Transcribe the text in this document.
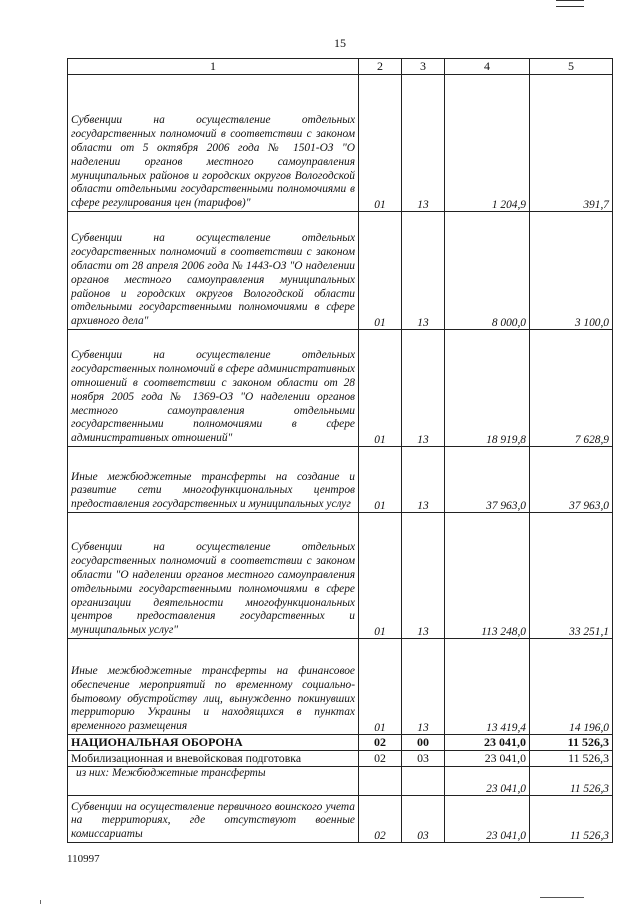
15
1	2	3	4	5
Субвенции на осуществление отдельных государственных полномочий в соответствии с законом области от 5 октября 2006 года № 1501-ОЗ "О наделении органов местного самоуправления муниципальных районов и городских округов Вологодской области отдельными государственными полномочиями в сфере регулирования цен (тарифов)"	01	13	1 204,9	391,7
Субвенции на осуществление отдельных государственных полномочий в соответствии с законом области от 28 апреля 2006 года № 1443-ОЗ "О наделении органов местного самоуправления муниципальных районов и городских округов Вологодской области отдельными государственными полномочиями в сфере архивного дела"	01	13	8 000,0	3 100,0
Субвенции на осуществление отдельных государственных полномочий в сфере административных отношений в соответствии с законом области от 28 ноября 2005 года № 1369-ОЗ "О наделении органов местного самоуправления отдельными государственными полномочиями в сфере административных отношений"	01	13	18 919,8	7 628,9
Иные межбюджетные трансферты на создание и развитие сети многофункциональных центров предоставления государственных и муниципальных услуг	01	13	37 963,0	37 963,0
Субвенции на осуществление отдельных государственных полномочий в соответствии с законом области "О наделении органов местного самоуправления отдельными государственными полномочиями в сфере организации деятельности многофункциональных центров предоставления государственных и муниципальных услуг"	01	13	113 248,0	33 251,1
Иные межбюджетные трансферты на финансовое обеспечение мероприятий по временному социально-бытовому обустройству лиц, вынужденно покинувших территорию Украины и находящихся в пунктах временного размещения	01	13	13 419,4	14 196,0
НАЦИОНАЛЬНАЯ ОБОРОНА	02	00	23 041,0	11 526,3
Мобилизационная и вневойсковая подготовка	02	03	23 041,0	11 526,3
из них: Межбюджетные трансферты			23 041,0	11 526,3
Субвенции на осуществление первичного воинского учета на территориях, где отсутствуют военные комиссариаты	02	03	23 041,0	11 526,3
110997
